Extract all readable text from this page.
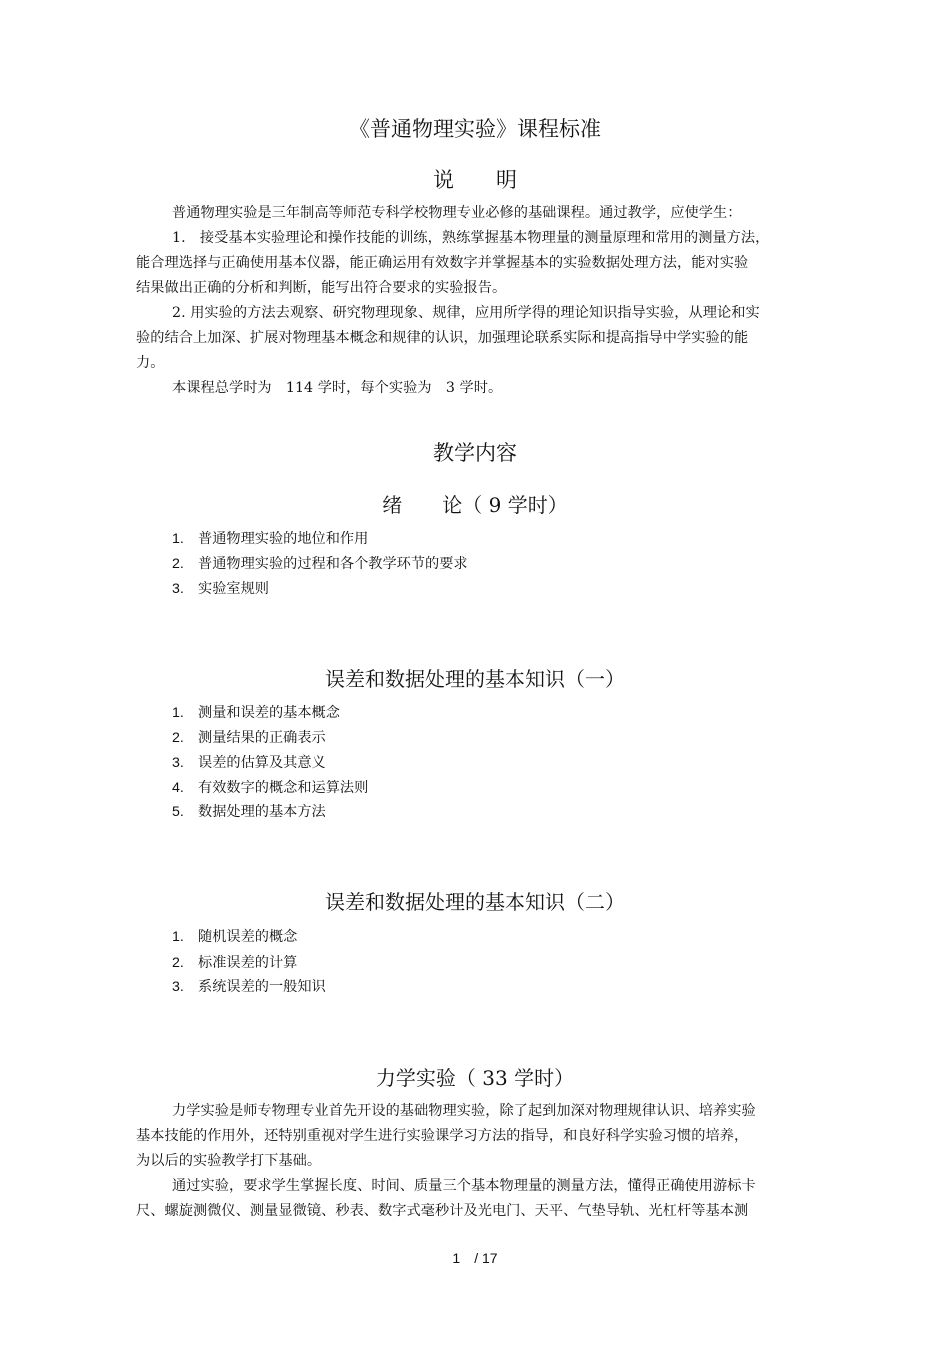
《普通物理实验》课程标准
说　　明
普通物理实验是三年制高等师范专科学校物理专业必修的基础课程。通过教学，应使学生：
1.　接受基本实验理论和操作技能的训练，熟练掌握基本物理量的测量原理和常用的测量方法，
能合理选择与正确使用基本仪器，能正确运用有效数字并掌握基本的实验数据处理方法，能对实验
结果做出正确的分析和判断，能写出符合要求的实验报告。
2. 用实验的方法去观察、研究物理现象、规律，应用所学得的理论知识指导实验，从理论和实
验的结合上加深、扩展对物理基本概念和规律的认识，加强理论联系实际和提高指导中学实验的能
力。
本课程总学时为　114 学时，每个实验为　3 学时。
教学内容
绪　　论（ 9 学时）
1. 普通物理实验的地位和作用
2. 普通物理实验的过程和各个教学环节的要求
3. 实验室规则
误差和数据处理的基本知识（一）
1. 测量和误差的基本概念
2. 测量结果的正确表示
3. 误差的估算及其意义
4. 有效数字的概念和运算法则
5. 数据处理的基本方法
误差和数据处理的基本知识（二）
1. 随机误差的概念
2. 标准误差的计算
3. 系统误差的一般知识
力学实验（ 33 学时）
力学实验是师专物理专业首先开设的基础物理实验，除了起到加深对物理规律认识、培养实验
基本技能的作用外，还特别重视对学生进行实验课学习方法的指导，和良好科学实验习惯的培养，
为以后的实验教学打下基础。
通过实验，要求学生掌握长度、时间、质量三个基本物理量的测量方法，懂得正确使用游标卡
尺、螺旋测微仪、测量显微镜、秒表、数字式毫秒计及光电门、天平、气垫导轨、光杠杆等基本测
1　/ 17
